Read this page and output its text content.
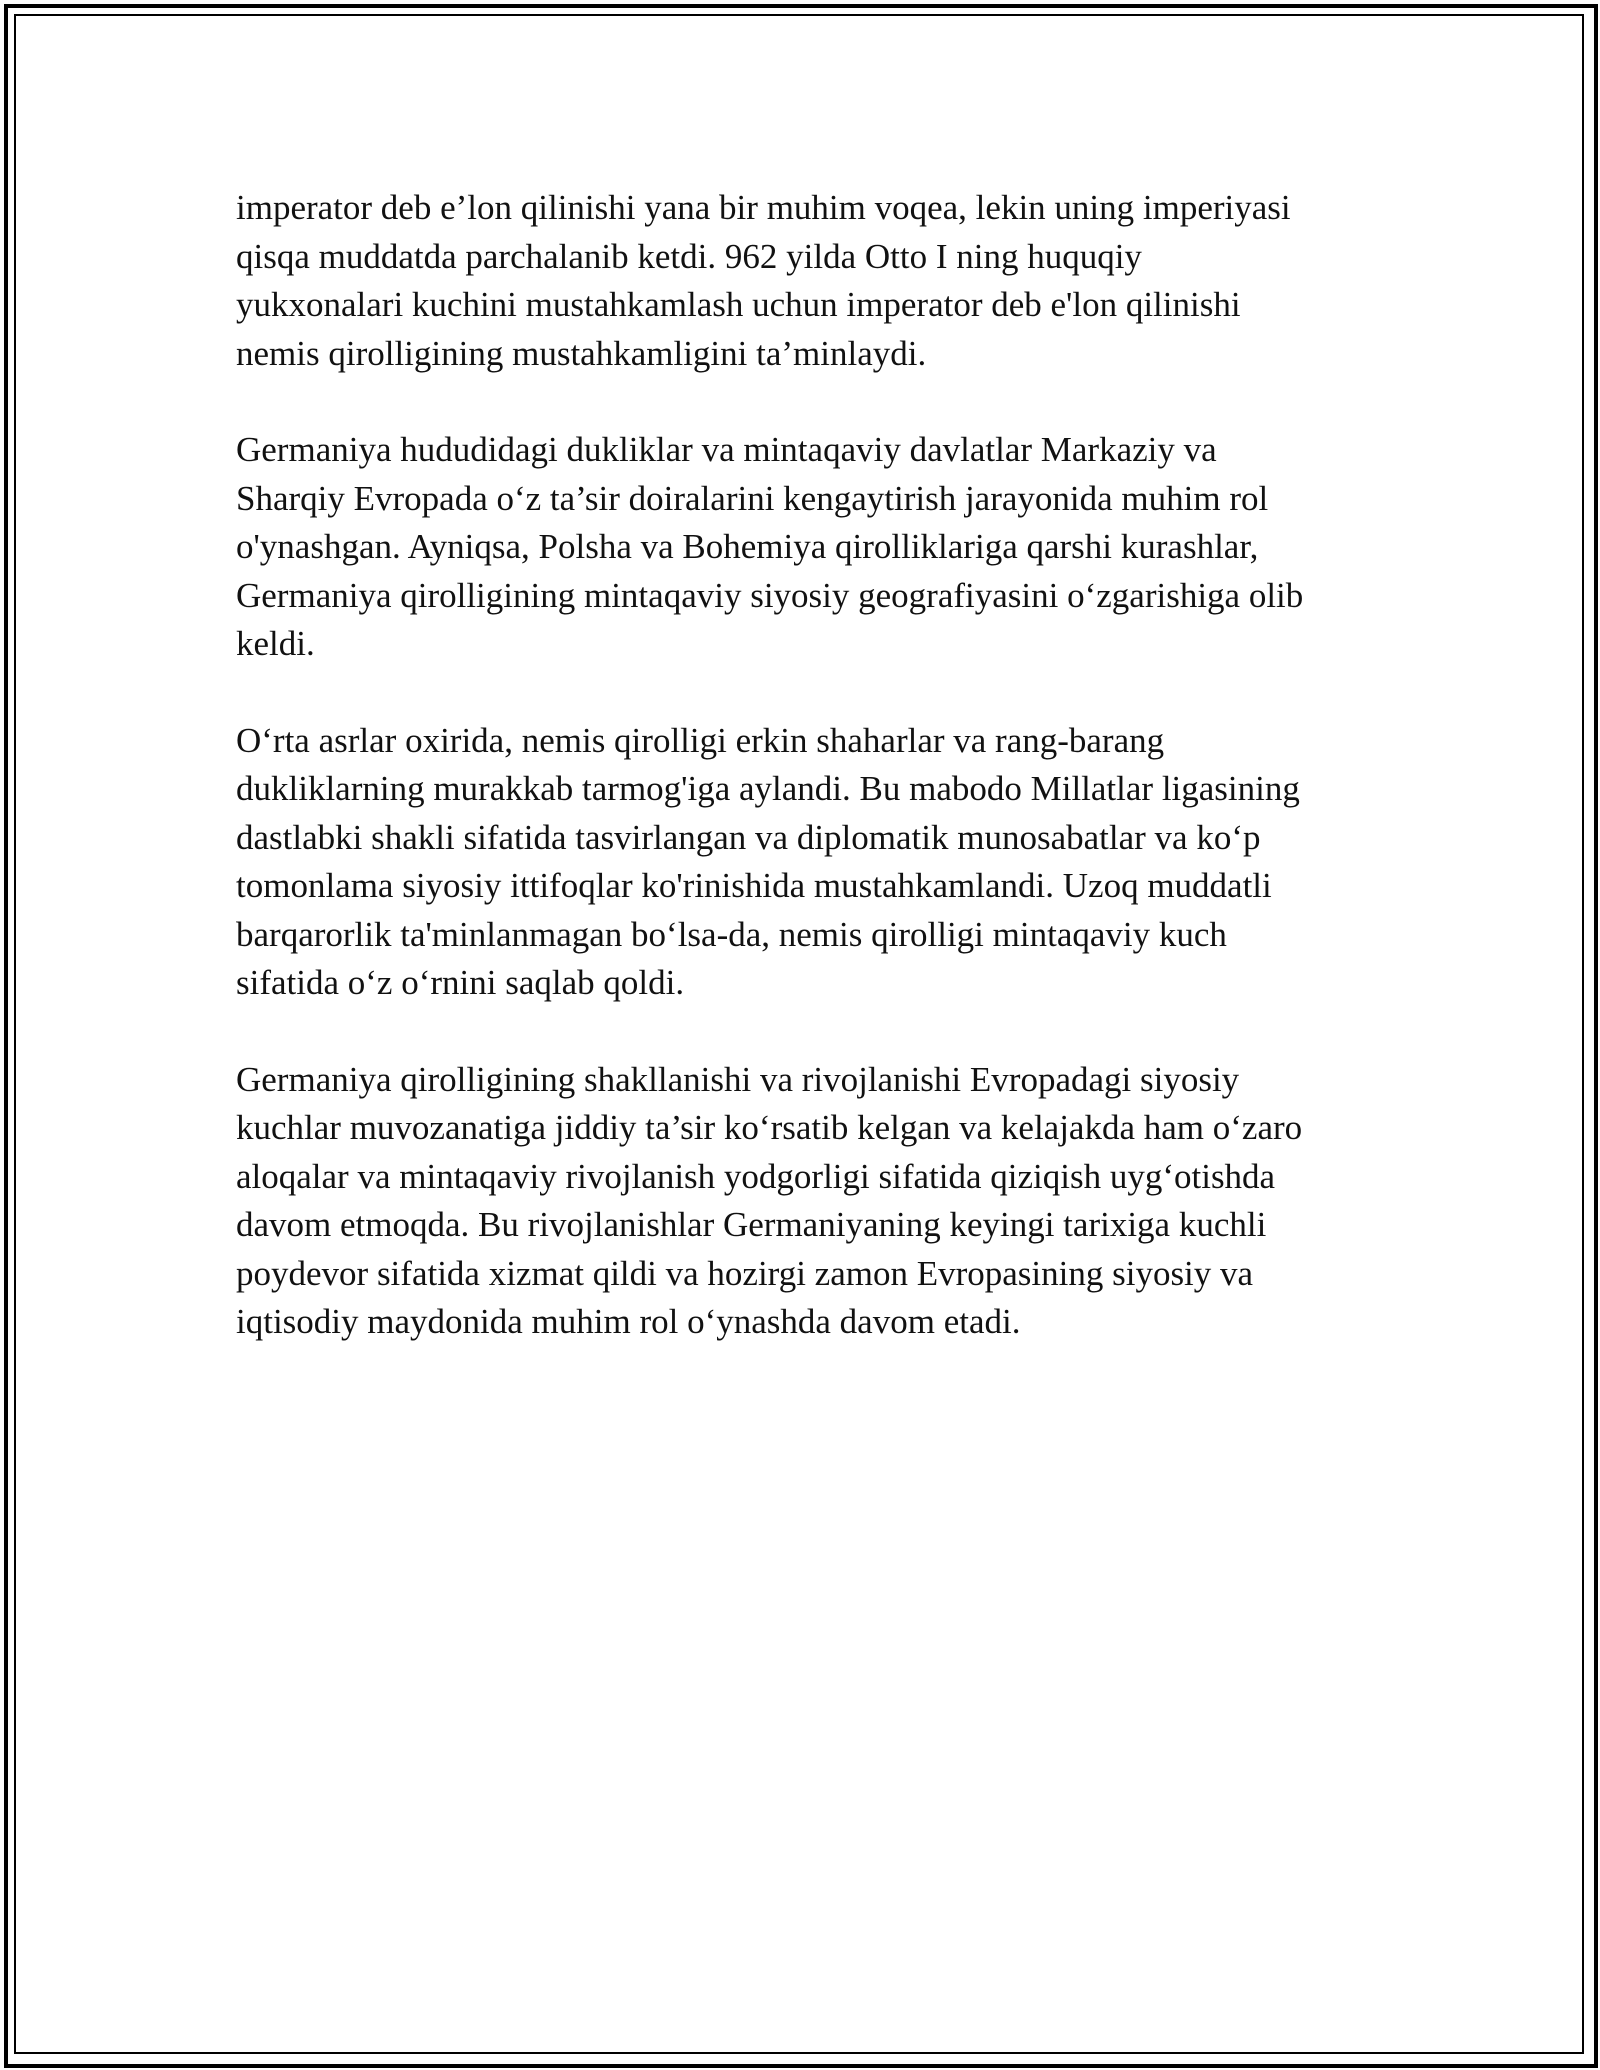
imperator deb e’lon qilinishi yana bir muhim voqea, lekin uning imperiyasi
qisqa muddatda parchalanib ketdi. 962 yilda Otto I ning huquqiy
yukxonalari kuchini mustahkamlash uchun imperator deb e'lon qilinishi
nemis qirolligining mustahkamligini ta’minlaydi.

Germaniya hududidagi dukliklar va mintaqaviy davlatlar Markaziy va
Sharqiy Evropada o‘z ta’sir doiralarini kengaytirish jarayonida muhim rol
o'ynashgan. Ayniqsa, Polsha va Bohemiya qirolliklariga qarshi kurashlar,
Germaniya qirolligining mintaqaviy siyosiy geografiyasini o‘zgarishiga olib
keldi.

O‘rta asrlar oxirida, nemis qirolligi erkin shaharlar va rang-barang
dukliklarning murakkab tarmog'iga aylandi. Bu mabodo Millatlar ligasining
dastlabki shakli sifatida tasvirlangan va diplomatik munosabatlar va ko‘p
tomonlama siyosiy ittifoqlar ko'rinishida mustahkamlandi. Uzoq muddatli
barqarorlik ta'minlanmagan bo‘lsa-da, nemis qirolligi mintaqaviy kuch
sifatida o‘z o‘rnini saqlab qoldi.

Germaniya qirolligining shakllanishi va rivojlanishi Evropadagi siyosiy
kuchlar muvozanatiga jiddiy ta’sir ko‘rsatib kelgan va kelajakda ham o‘zaro
aloqalar va mintaqaviy rivojlanish yodgorligi sifatida qiziqish uyg‘otishda
davom etmoqda. Bu rivojlanishlar Germaniyaning keyingi tarixiga kuchli
poydevor sifatida xizmat qildi va hozirgi zamon Evropasining siyosiy va
iqtisodiy maydonida muhim rol o‘ynashda davom etadi.
